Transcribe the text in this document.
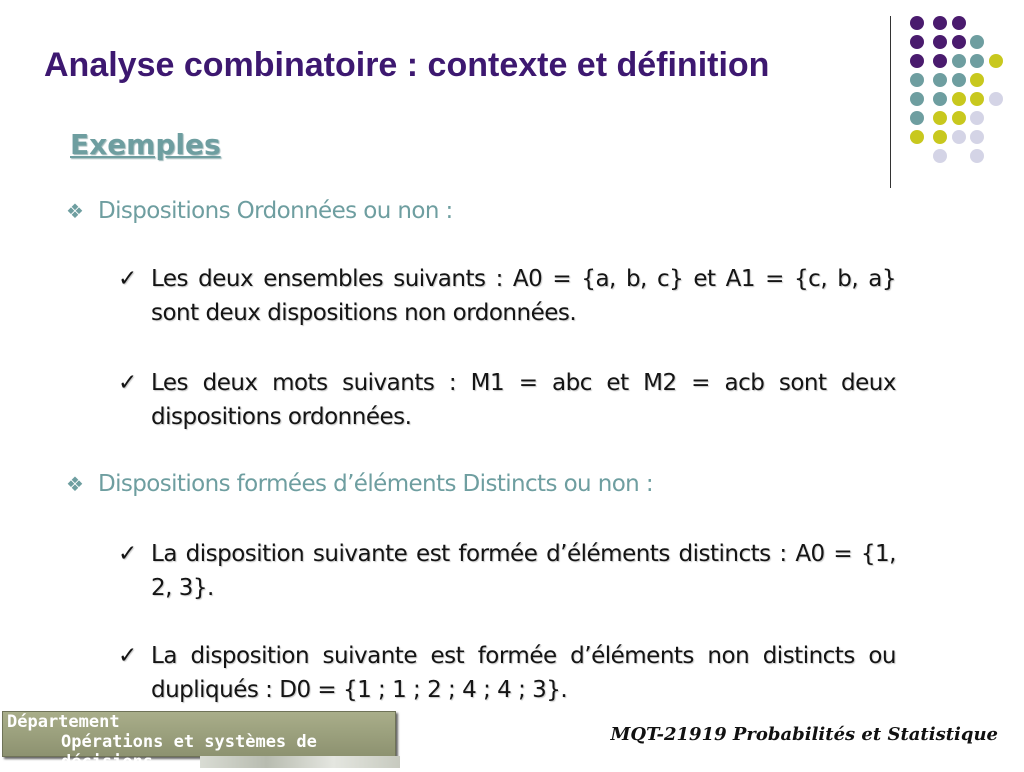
Analyse combinatoire : contexte et définition
Exemples
❖ Dispositions Ordonnées ou non :
✓ Les deux ensembles suivants : A0 = {a, b, c} et A1 = {c, b, a} sont deux dispositions non ordonnées.
✓ Les deux mots suivants : M1 = abc et M2 = acb sont deux dispositions ordonnées.
❖ Dispositions formées d’éléments Distincts ou non :
✓ La disposition suivante est formée d’éléments distincts : A0 = {1, 2, 3}.
✓ La disposition suivante est formée d’éléments non distincts ou dupliqués : D0 = {1 ; 1 ; 2 ; 4 ; 4 ; 3}.
Département
Opérations et systèmes de décisions
MQT-21919 Probabilités et Statistique
